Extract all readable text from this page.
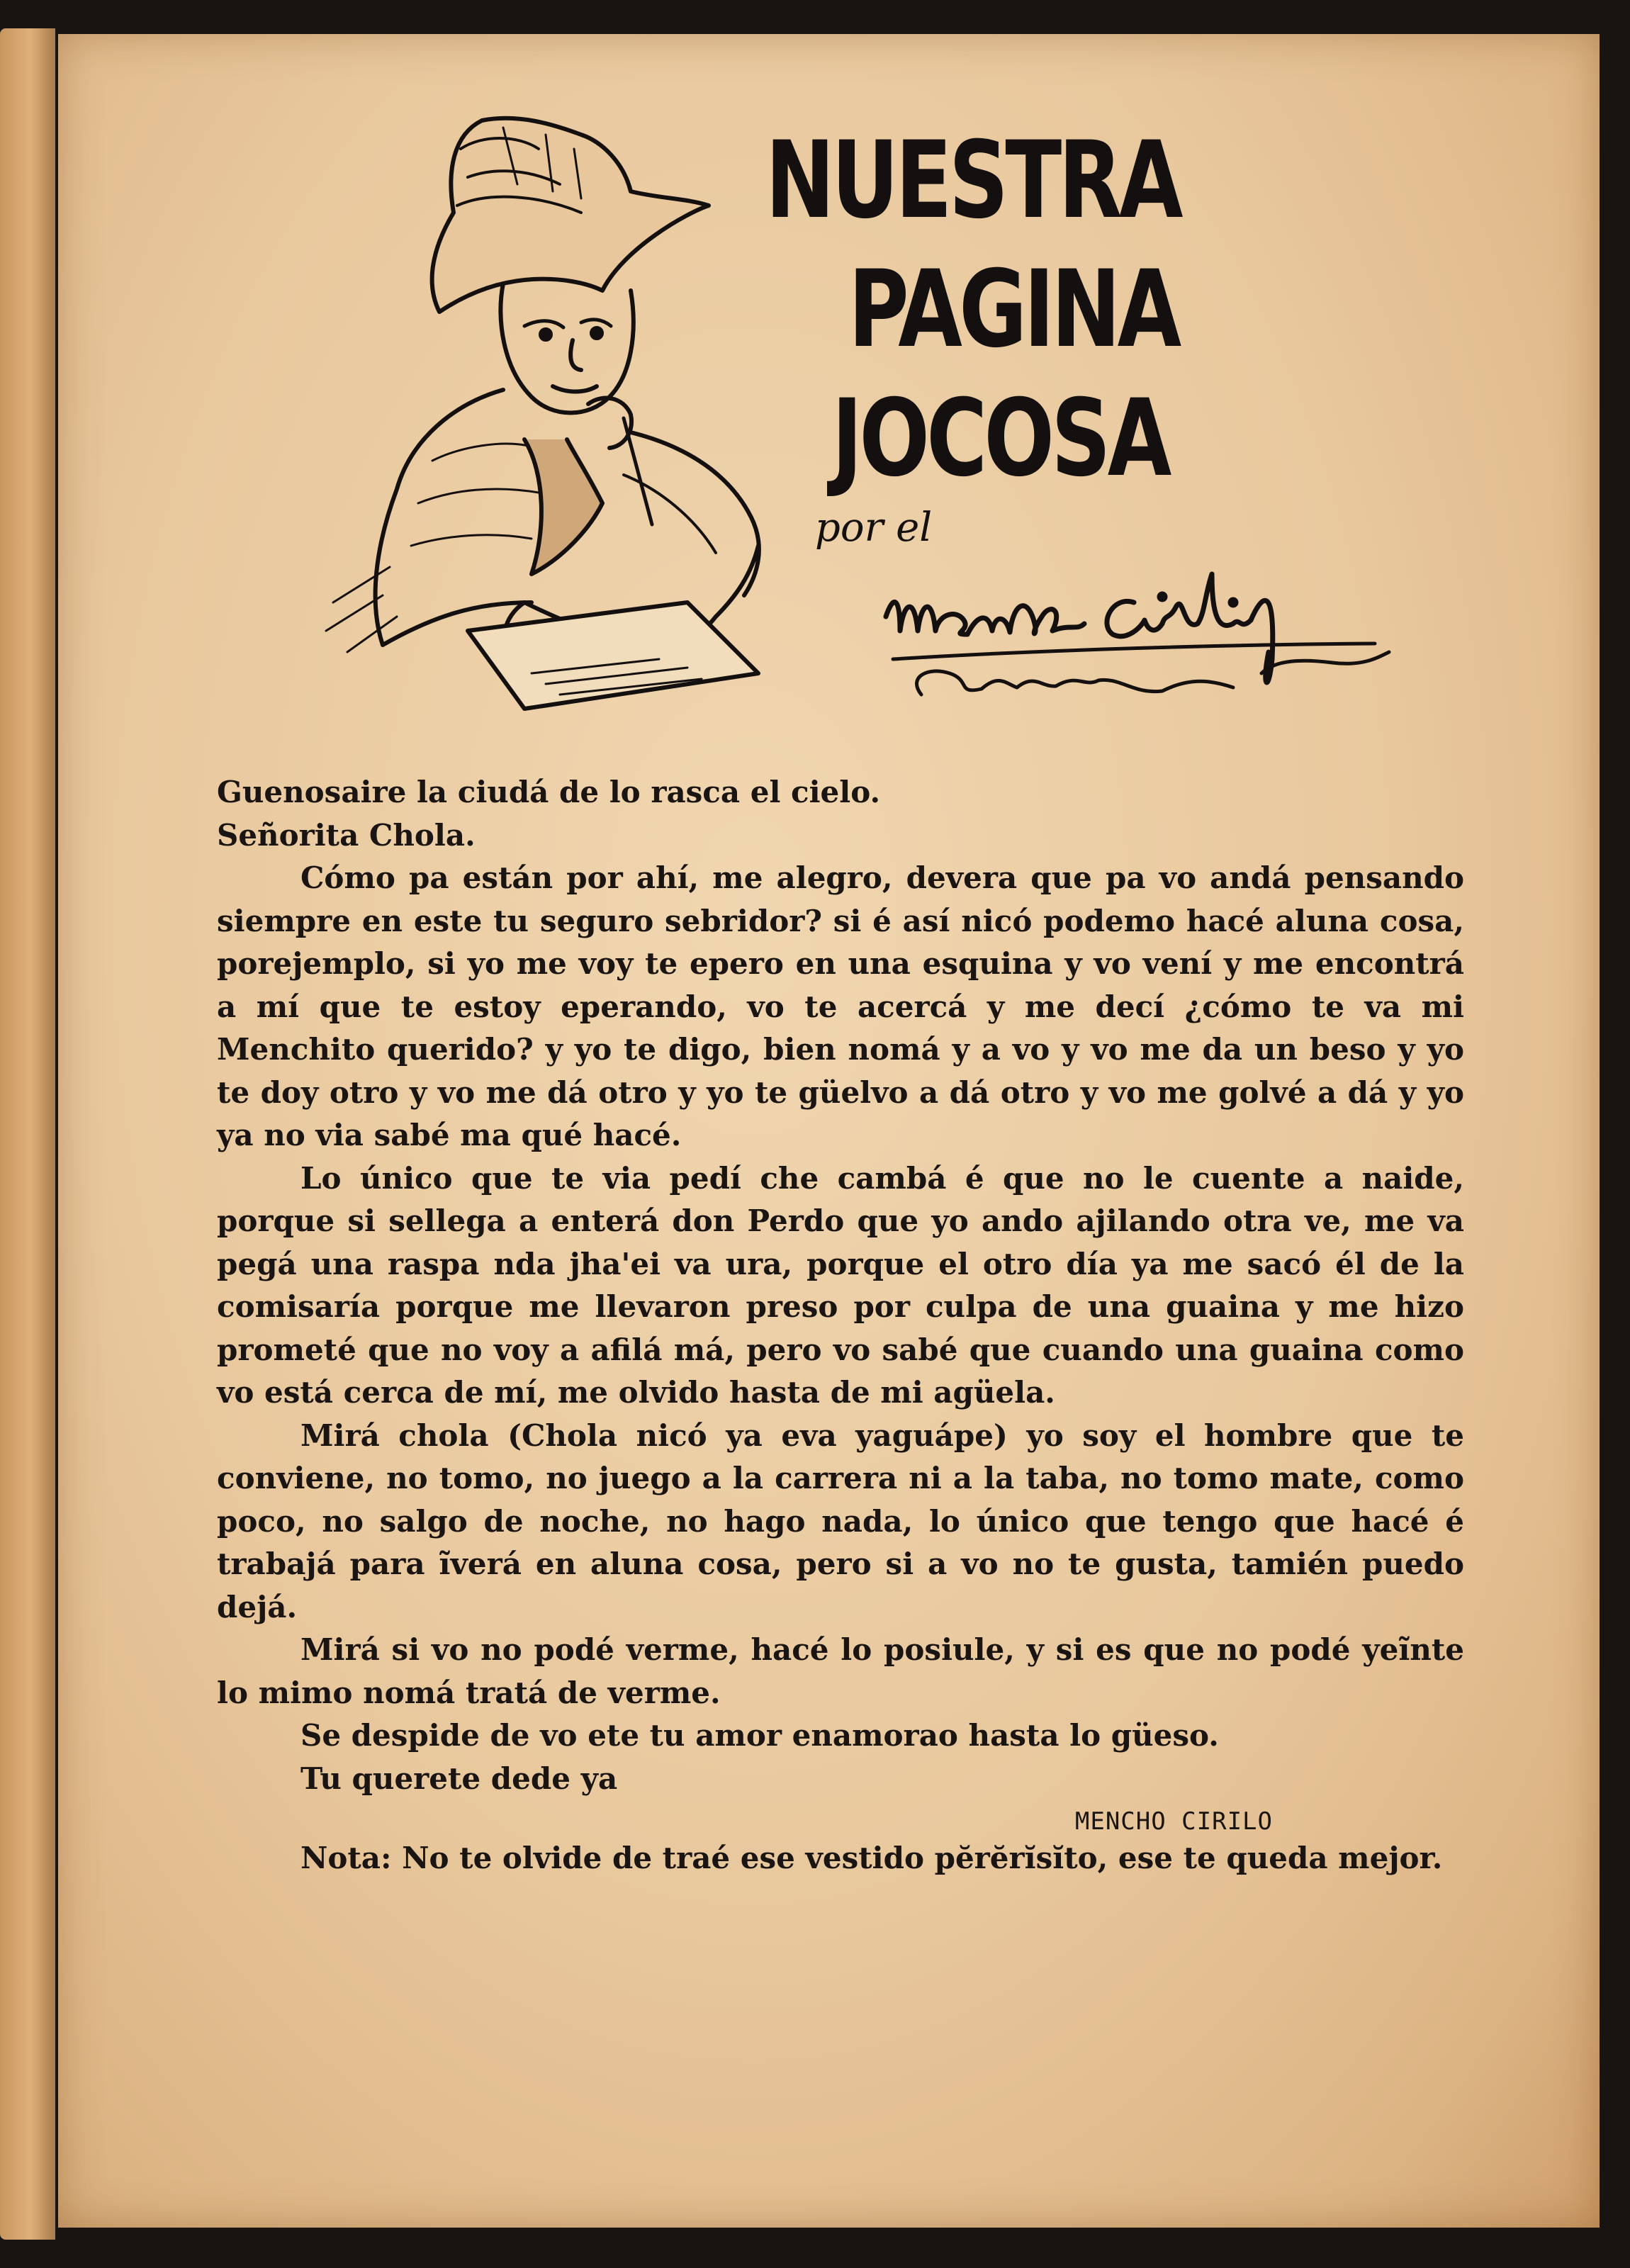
NUESTRA
PAGINA
JOCOSA
por el

Guenosaire la ciudá de lo rasca el cielo.

Señorita Chola.

Cómo pa están por ahí, me alegro, devera que pa vo andá pensando siempre en este tu seguro sebridor? si é así nicó podemo hacé aluna cosa, porejemplo, si yo me voy te epero en una esquina y vo vení y me encontrá a mí que te estoy eperando, vo te acercá y me decí ¿cómo te va mi Menchito querido? y yo te digo, bien nomá y a vo y vo me da un beso y yo te doy otro y vo me dá otro y yo te güelvo a dá otro y vo me golvé a dá y yo ya no via sabé ma qué hacé.

Lo único que te via pedí che cambá é que no le cuente a naide, porque si sellega a enterá don Perdo que yo ando ajilando otra ve, me va pegá una raspa nda jha'ei va ura, porque el otro día ya me sacó él de la comisaría porque me llevaron preso por culpa de una guaina y me hizo prometé que no voy a afilá má, pero vo sabé que cuando una guaina como vo está cerca de mí, me olvido hasta de mi agüela.

Mirá chola (Chola nicó ya eva yaguápe) yo soy el hombre que te conviene, no tomo, no juego a la carrera ni a la taba, no tomo mate, como poco, no salgo de noche, no hago nada, lo único que tengo que hacé é trabajá para ĩverá en aluna cosa, pero si a vo no te gusta, tamién puedo dejá.

Mirá si vo no podé verme, hacé lo posiule, y si es que no podé yeĩnte lo mimo nomá tratá de verme.

Se despide de vo ete tu amor enamorao hasta lo güeso.

Tu querete dede ya

MENCHO CIRILO

Nota: No te olvide de traé ese vestido pĕrĕrĭsĭto, ese te queda mejor.
